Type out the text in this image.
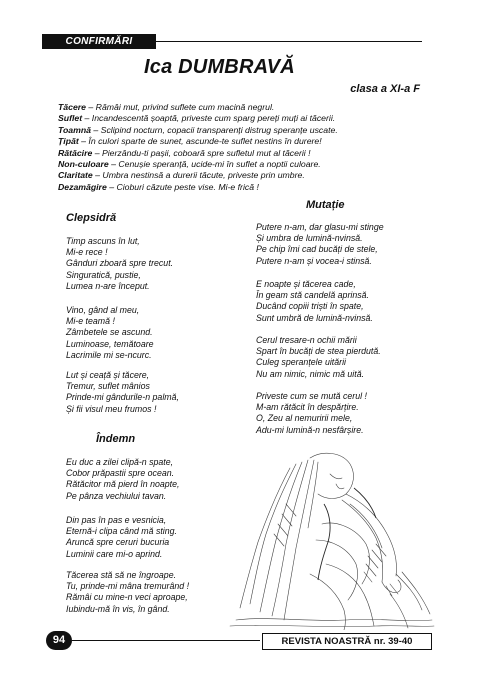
CONFIRMĂRI
Ica DUMBRAVĂ
clasa a XI-a F
Tăcere – Rămâi mut, privind suflete cum macină negrul.
Suflet – Incandescentă șoaptă, priveste cum sparg pereți muți ai tăcerii.
Toamnă – Sclipind nocturn, copacii transparenți distrug speranțe uscate.
Țipăt – În culori sparte de sunet, ascunde-te suflet nestins în durere!
Rătăcire – Pierzându-ti pașii, coboară spre sufletul mut al tăcerii !
Non-culoare – Cenușie speranță, ucide-mi în suflet a noptii culoare.
Claritate – Umbra nestinsă a durerii tăcute, priveste prin umbre.
Dezamăgire – Cioburi căzute peste vise. Mi-e frică !
Clepsidră
Timp ascuns în lut,
Mi-e rece !
Gânduri zboară spre trecut.
Singuratică, pustie,
Lumea n-are început.
Vino, gând al meu,
Mi-e teamă !
Zâmbetele se ascund.
Luminoase, temătoare
Lacrimile mi se-ncurc.
Lut și ceață și tăcere,
Tremur, suflet mânios
Prinde-mi gândurile-n palmă,
Și fii visul meu frumos !
Îndemn
Eu duc a zilei clipă-n spate,
Cobor prăpastii spre ocean.
Rătăcitor mă pierd în noapte,
Pe pânza vechiului tavan.
Din pas în pas e vesnicia,
Eternă-i clipa când mă sting.
Aruncă spre ceruri bucuria
Luminii care mi-o aprind.
Tăcerea stă să ne îngroape.
Tu, prinde-mi mâna tremurând !
Rămâi cu mine-n veci aproape,
Iubindu-mă în vis, în gând.
Mutație
Putere n-am, dar glasu-mi stinge
Și umbra de lumină-nvinsă.
Pe chip îmi cad bucăți de stele,
Putere n-am și vocea-i stinsă.
E noapte și tăcerea cade,
În geam stă candelă aprinsă.
Ducând copiii triști în spate,
Sunt umbră de lumină-nvinsă.
Cerul tresare-n ochii mării
Spart în bucăți de stea pierdută.
Culeg speranțele uitării
Nu am nimic, nimic mă uită.
Priveste cum se mută cerul !
M-am rătăcit în despărțire.
O, Zeu al nemuririi mele,
Adu-mi lumină-n nesfârșire.
94	REVISTA NOASTRĂ nr. 39-40
